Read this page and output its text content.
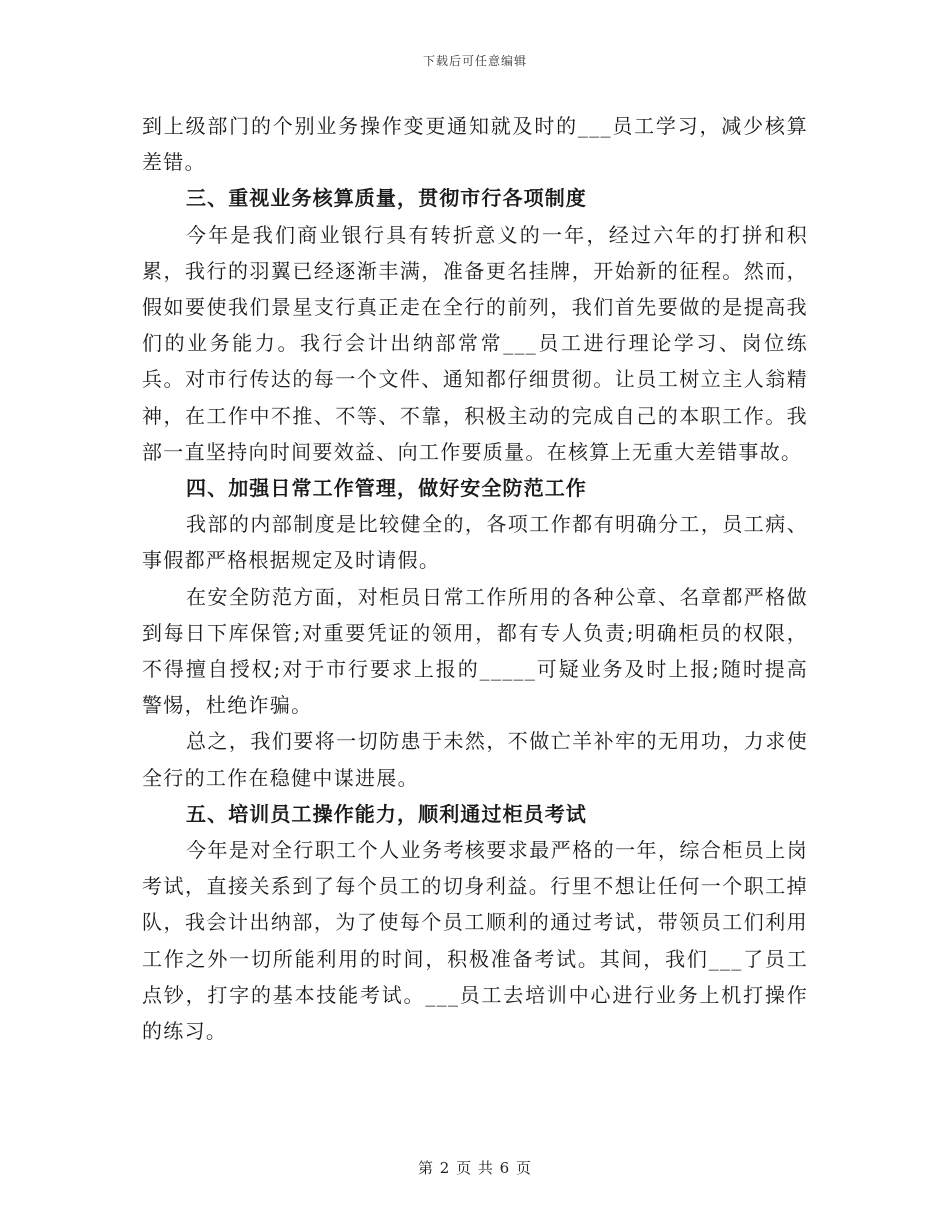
下载后可任意编辑

到上级部门的个别业务操作变更通知就及时的___员工学习，减少核算差错。

三、重视业务核算质量，贯彻市行各项制度

今年是我们商业银行具有转折意义的一年，经过六年的打拼和积累，我行的羽翼已经逐渐丰满，准备更名挂牌，开始新的征程。然而，假如要使我们景星支行真正走在全行的前列，我们首先要做的是提高我们的业务能力。我行会计出纳部常常___员工进行理论学习、岗位练兵。对市行传达的每一个文件、通知都仔细贯彻。让员工树立主人翁精神，在工作中不推、不等、不靠，积极主动的完成自己的本职工作。我部一直坚持向时间要效益、向工作要质量。在核算上无重大差错事故。

四、加强日常工作管理，做好安全防范工作

我部的内部制度是比较健全的，各项工作都有明确分工，员工病、事假都严格根据规定及时请假。

在安全防范方面，对柜员日常工作所用的各种公章、名章都严格做到每日下库保管;对重要凭证的领用，都有专人负责;明确柜员的权限，不得擅自授权;对于市行要求上报的_____可疑业务及时上报;随时提高警惕，杜绝诈骗。

总之，我们要将一切防患于未然，不做亡羊补牢的无用功，力求使全行的工作在稳健中谋进展。

五、培训员工操作能力，顺利通过柜员考试

今年是对全行职工个人业务考核要求最严格的一年，综合柜员上岗考试，直接关系到了每个员工的切身利益。行里不想让任何一个职工掉队，我会计出纳部，为了使每个员工顺利的通过考试，带领员工们利用工作之外一切所能利用的时间，积极准备考试。其间，我们___了员工点钞，打字的基本技能考试。___员工去培训中心进行业务上机打操作的练习。

第 2 页 共 6 页
